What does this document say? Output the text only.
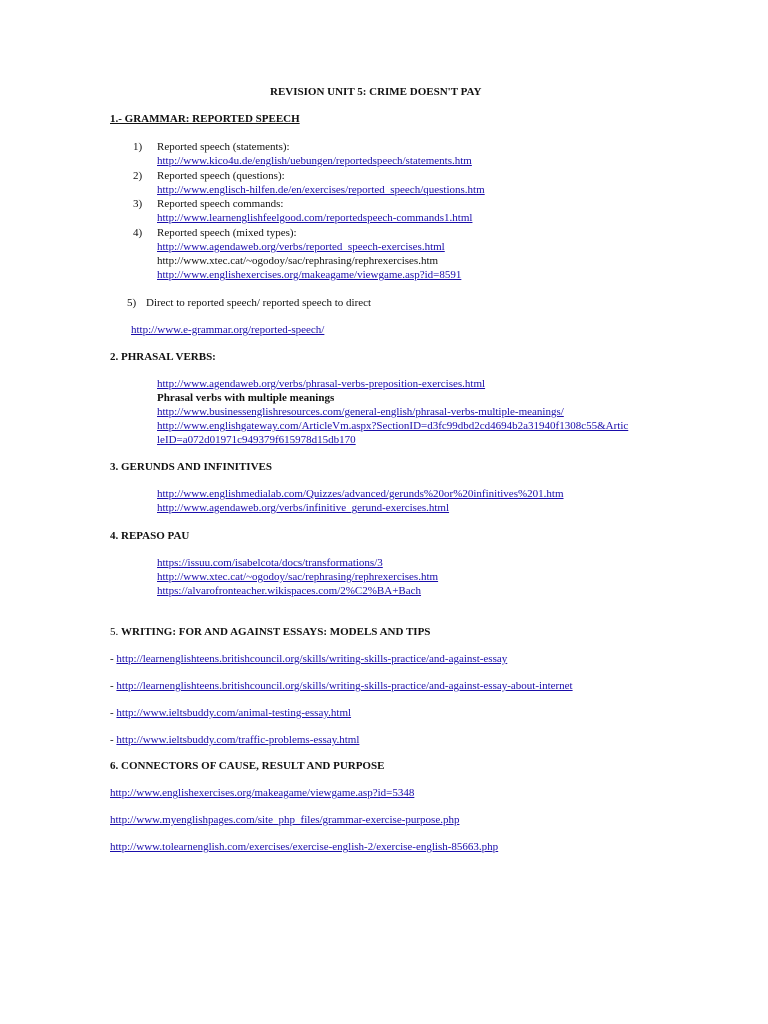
REVISION UNIT 5: CRIME DOESN'T PAY
1.- GRAMMAR: REPORTED SPEECH
1) Reported speech (statements):
http://www.kico4u.de/english/uebungen/reportedspeech/statements.htm
2) Reported speech (questions):
http://www.englisch-hilfen.de/en/exercises/reported_speech/questions.htm
3) Reported speech commands:
http://www.learnenglishfeelgood.com/reportedspeech-commands1.html
4) Reported speech (mixed types):
http://www.agendaweb.org/verbs/reported_speech-exercises.html
http://www.xtec.cat/~ogodoy/sac/rephrasing/rephrexercises.htm
http://www.englishexercises.org/makeagame/viewgame.asp?id=8591
5) Direct to reported speech/ reported speech to direct
http://www.e-grammar.org/reported-speech/
2. PHRASAL VERBS:
http://www.agendaweb.org/verbs/phrasal-verbs-preposition-exercises.html
Phrasal verbs with multiple meanings
http://www.businessenglishresources.com/general-english/phrasal-verbs-multiple-meanings/
http://www.englishgateway.com/ArticleVm.aspx?SectionID=d3fc99dbd2cd4694b2a31940f1308c55&Artic
leID=a072d01971c949379f615978d15db170
3. GERUNDS AND INFINITIVES
http://www.englishmedialab.com/Quizzes/advanced/gerunds%20or%20infinitives%201.htm
http://www.agendaweb.org/verbs/infinitive_gerund-exercises.html
4. REPASO PAU
https://issuu.com/isabelcota/docs/transformations/3
http://www.xtec.cat/~ogodoy/sac/rephrasing/rephrexercises.htm
https://alvarofronteacher.wikispaces.com/2%C2%BA+Bach
5. WRITING: FOR AND AGAINST ESSAYS: MODELS AND TIPS
- http://learnenglishteens.britishcouncil.org/skills/writing-skills-practice/and-against-essay
- http://learnenglishteens.britishcouncil.org/skills/writing-skills-practice/and-against-essay-about-internet
- http://www.ieltsbuddy.com/animal-testing-essay.html
- http://www.ieltsbuddy.com/traffic-problems-essay.html
6. CONNECTORS OF CAUSE, RESULT AND PURPOSE
http://www.englishexercises.org/makeagame/viewgame.asp?id=5348
http://www.myenglishpages.com/site_php_files/grammar-exercise-purpose.php
http://www.tolearnenglish.com/exercises/exercise-english-2/exercise-english-85663.php
